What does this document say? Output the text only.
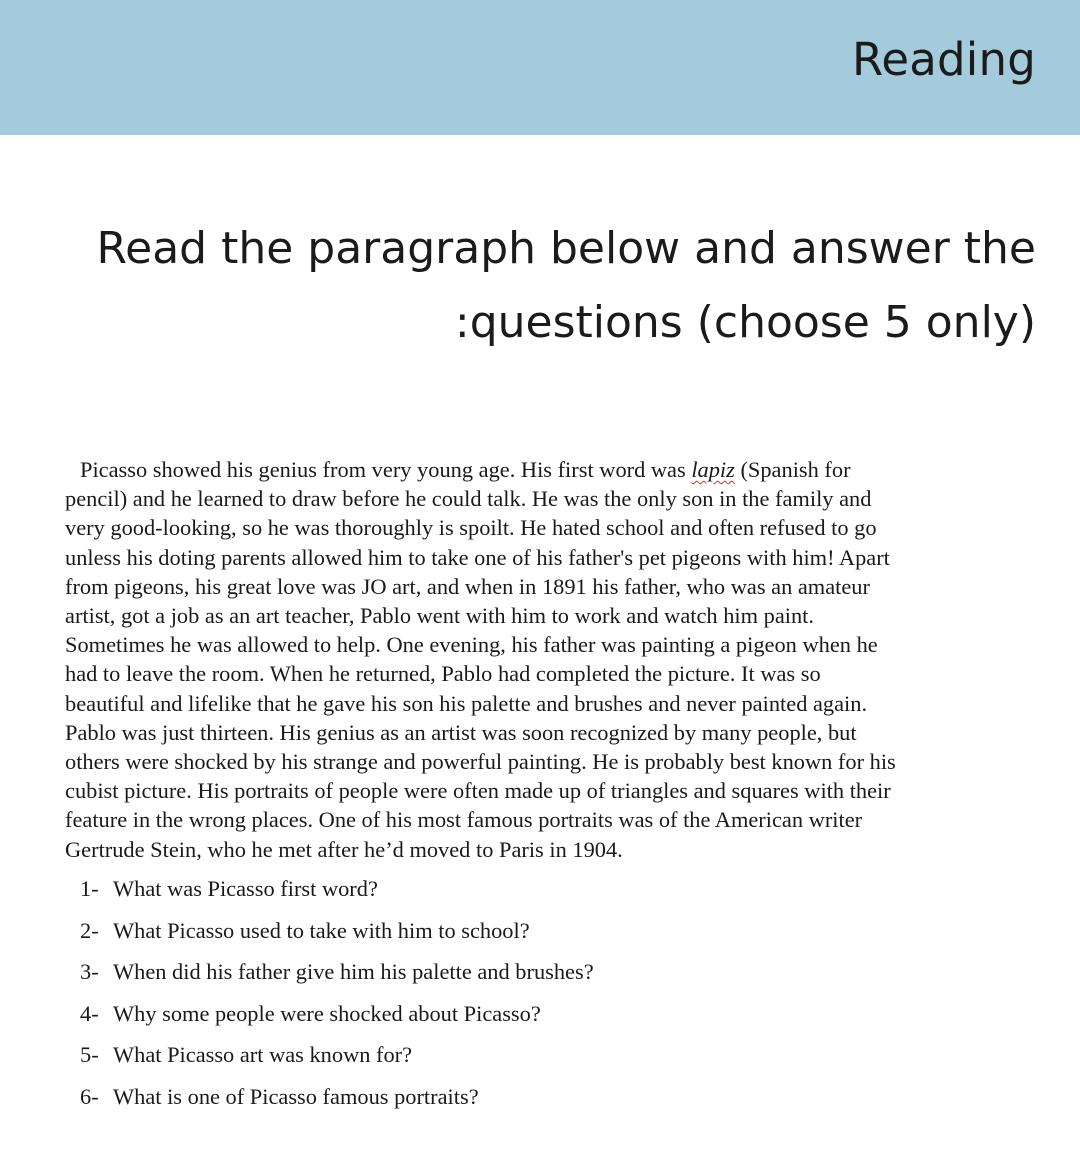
Reading
Read the paragraph below and answer the
:questions (choose 5 only)
Picasso showed his genius from very young age. His first word was lapiz (Spanish for
pencil) and he learned to draw before he could talk. He was the only son in the family and
very good-looking, so he was thoroughly is spoilt. He hated school and often refused to go
unless his doting parents allowed him to take one of his father's pet pigeons with him! Apart
from pigeons, his great love was JO art, and when in 1891 his father, who was an amateur
artist, got a job as an art teacher, Pablo went with him to work and watch him paint.
Sometimes he was allowed to help. One evening, his father was painting a pigeon when he
had to leave the room. When he returned, Pablo had completed the picture. It was so
beautiful and lifelike that he gave his son his palette and brushes and never painted again.
Pablo was just thirteen. His genius as an artist was soon recognized by many people, but
others were shocked by his strange and powerful painting. He is probably best known for his
cubist picture. His portraits of people were often made up of triangles and squares with their
feature in the wrong places. One of his most famous portraits was of the American writer
Gertrude Stein, who he met after he’d moved to Paris in 1904.
1- What was Picasso first word?
2- What Picasso used to take with him to school?
3- When did his father give him his palette and brushes?
4- Why some people were shocked about Picasso?
5- What Picasso art was known for?
6- What is one of Picasso famous portraits?
